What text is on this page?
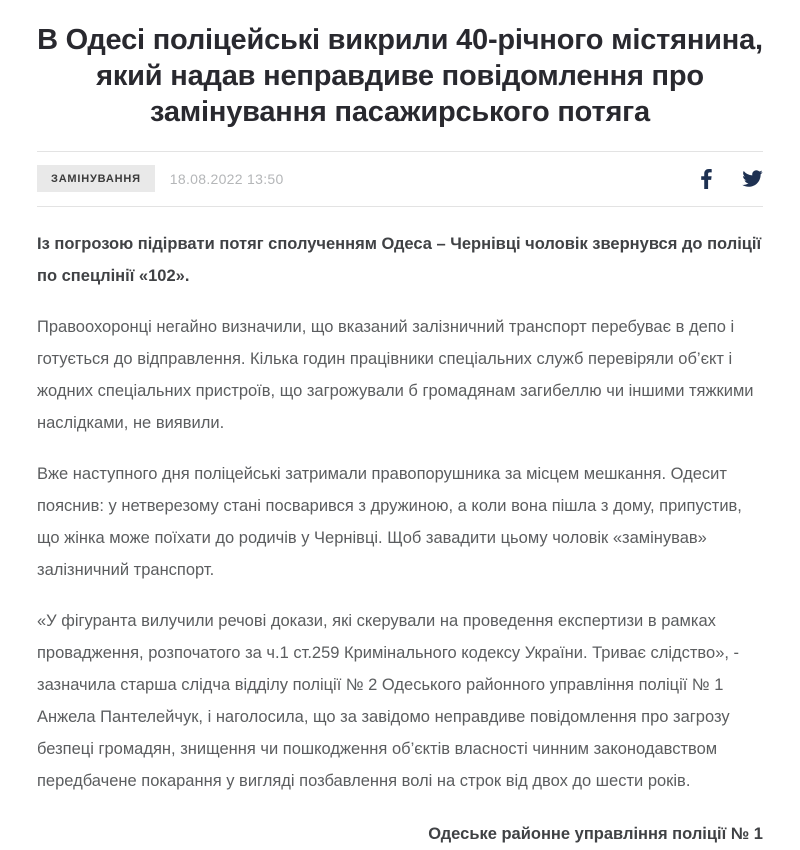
В Одесі поліцейські викрили 40-річного містянина, який надав неправдиве повідомлення про замінування пасажирського потяга
ЗАМІНУВАННЯ	18.08.2022 13:50

Із погрозою підірвати потяг сполученням Одеса – Чернівці чоловік звернувся до поліції по спецлінії «102».

Правоохоронці негайно визначили, що вказаний залізничний транспорт перебуває в депо і готується до відправлення. Кілька годин працівники спеціальних служб перевіряли об’єкт і жодних спеціальних пристроїв, що загрожували б громадянам загибеллю чи іншими тяжкими наслідками, не виявили.

Вже наступного дня поліцейські затримали правопорушника за місцем мешкання. Одесит пояснив: у нетверезому стані посварився з дружиною, а коли вона пішла з дому, припустив, що жінка може поїхати до родичів у Чернівці. Щоб завадити цьому чоловік «замінував» залізничний транспорт.

«У фігуранта вилучили речові докази, які скерували на проведення експертизи в рамках провадження, розпочатого за ч.1 ст.259 Кримінального кодексу України. Триває слідство», - зазначила старша слідча відділу поліції № 2 Одеського районного управління поліції № 1 Анжела Пантелейчук, і наголосила, що за завідомо неправдиве повідомлення про загрозу безпеці громадян, знищення чи пошкодження об’єктів власності чинним законодавством передбачене покарання у вигляді позбавлення волі на строк від двох до шести років.

Одеське районне управління поліції № 1
